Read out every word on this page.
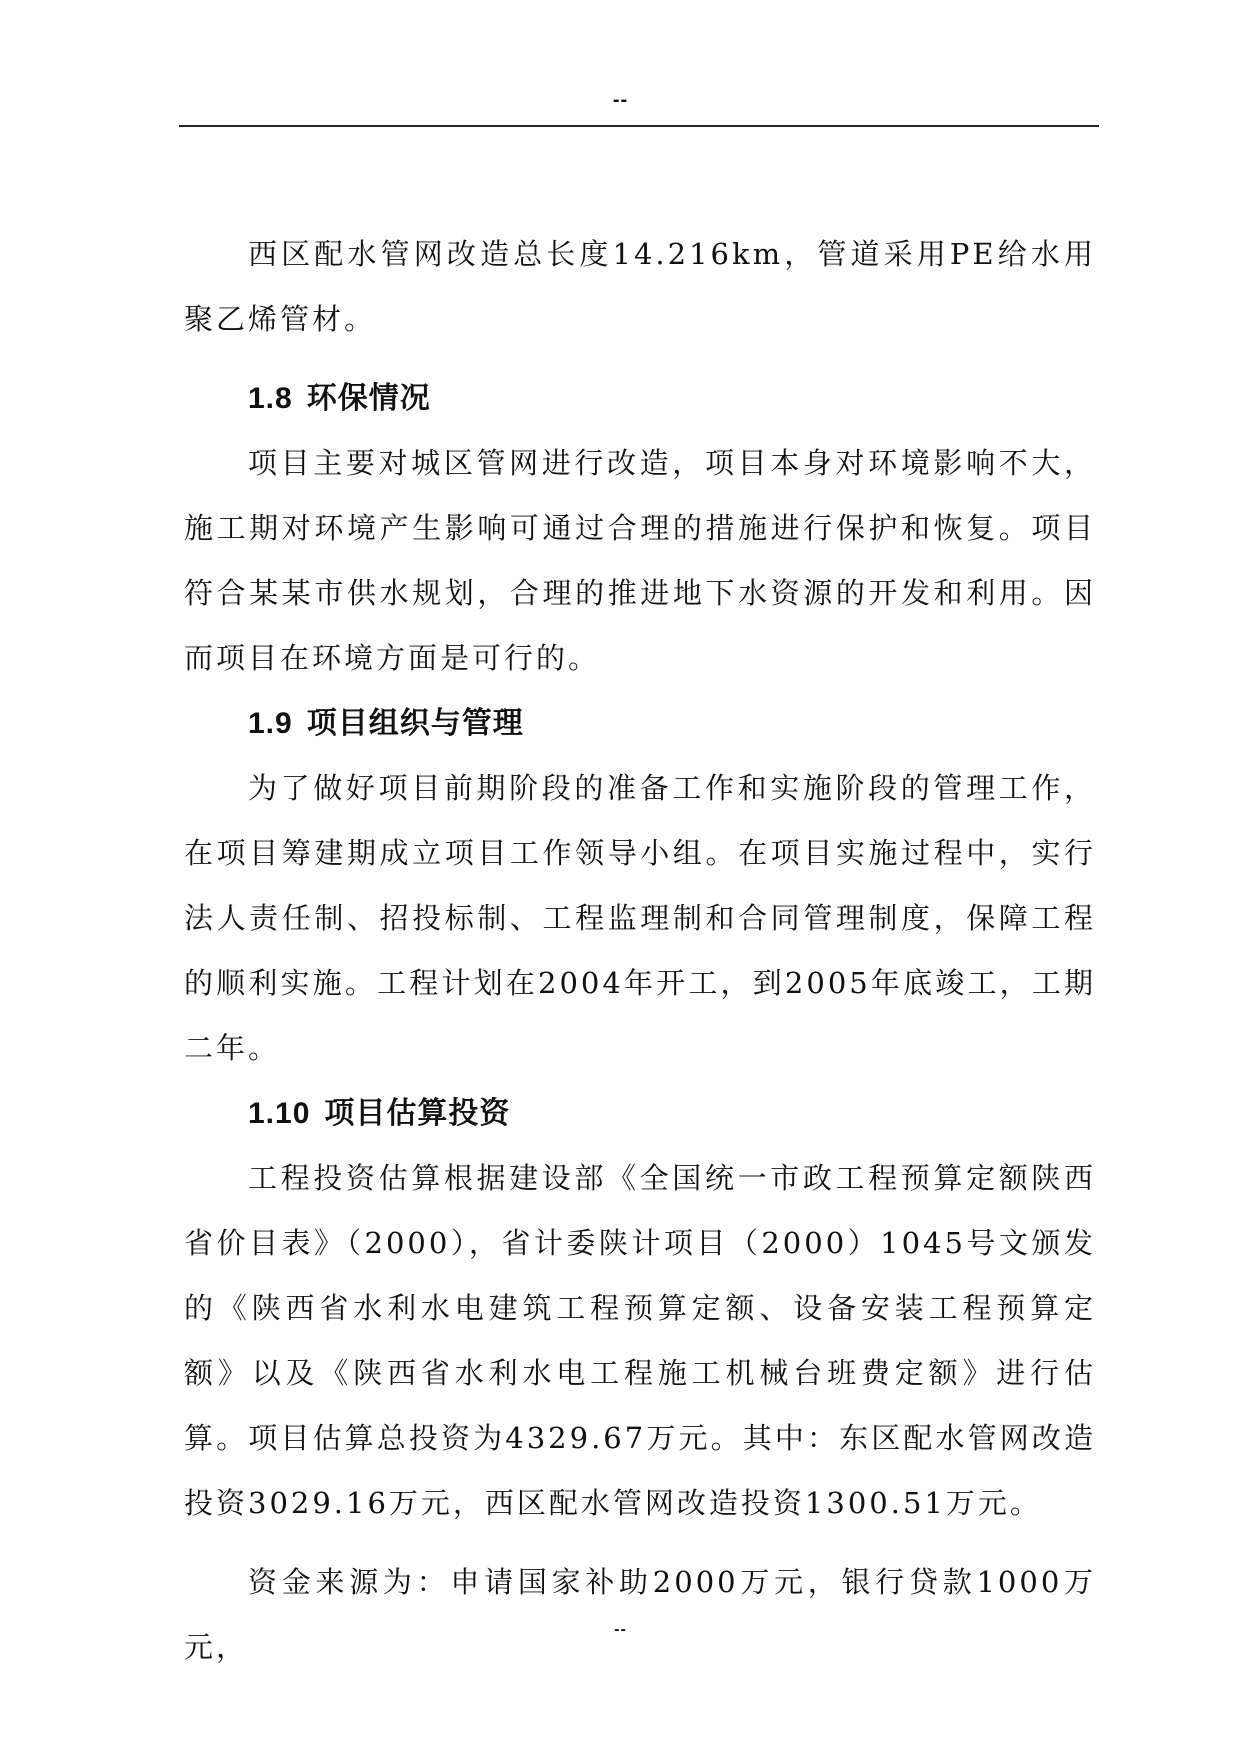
--

西区配水管网改造总长度14.216km，管道采用PE给水用聚乙烯管材。

1.8 环保情况

项目主要对城区管网进行改造，项目本身对环境影响不大，施工期对环境产生影响可通过合理的措施进行保护和恢复。项目符合某某市供水规划，合理的推进地下水资源的开发和利用。因而项目在环境方面是可行的。

1.9 项目组织与管理

为了做好项目前期阶段的准备工作和实施阶段的管理工作，在项目筹建期成立项目工作领导小组。在项目实施过程中，实行法人责任制、招投标制、工程监理制和合同管理制度，保障工程的顺利实施。工程计划在2004年开工，到2005年底竣工，工期二年。

1.10 项目估算投资

工程投资估算根据建设部《全国统一市政工程预算定额陕西省价目表》（2000），省计委陕计项目（2000）1045号文颁发的《陕西省水利水电建筑工程预算定额、设备安装工程预算定额》以及《陕西省水利水电工程施工机械台班费定额》进行估算。项目估算总投资为4329.67万元。其中：东区配水管网改造投资3029.16万元，西区配水管网改造投资1300.51万元。

资金来源为：申请国家补助2000万元，银行贷款1000万元，

--
